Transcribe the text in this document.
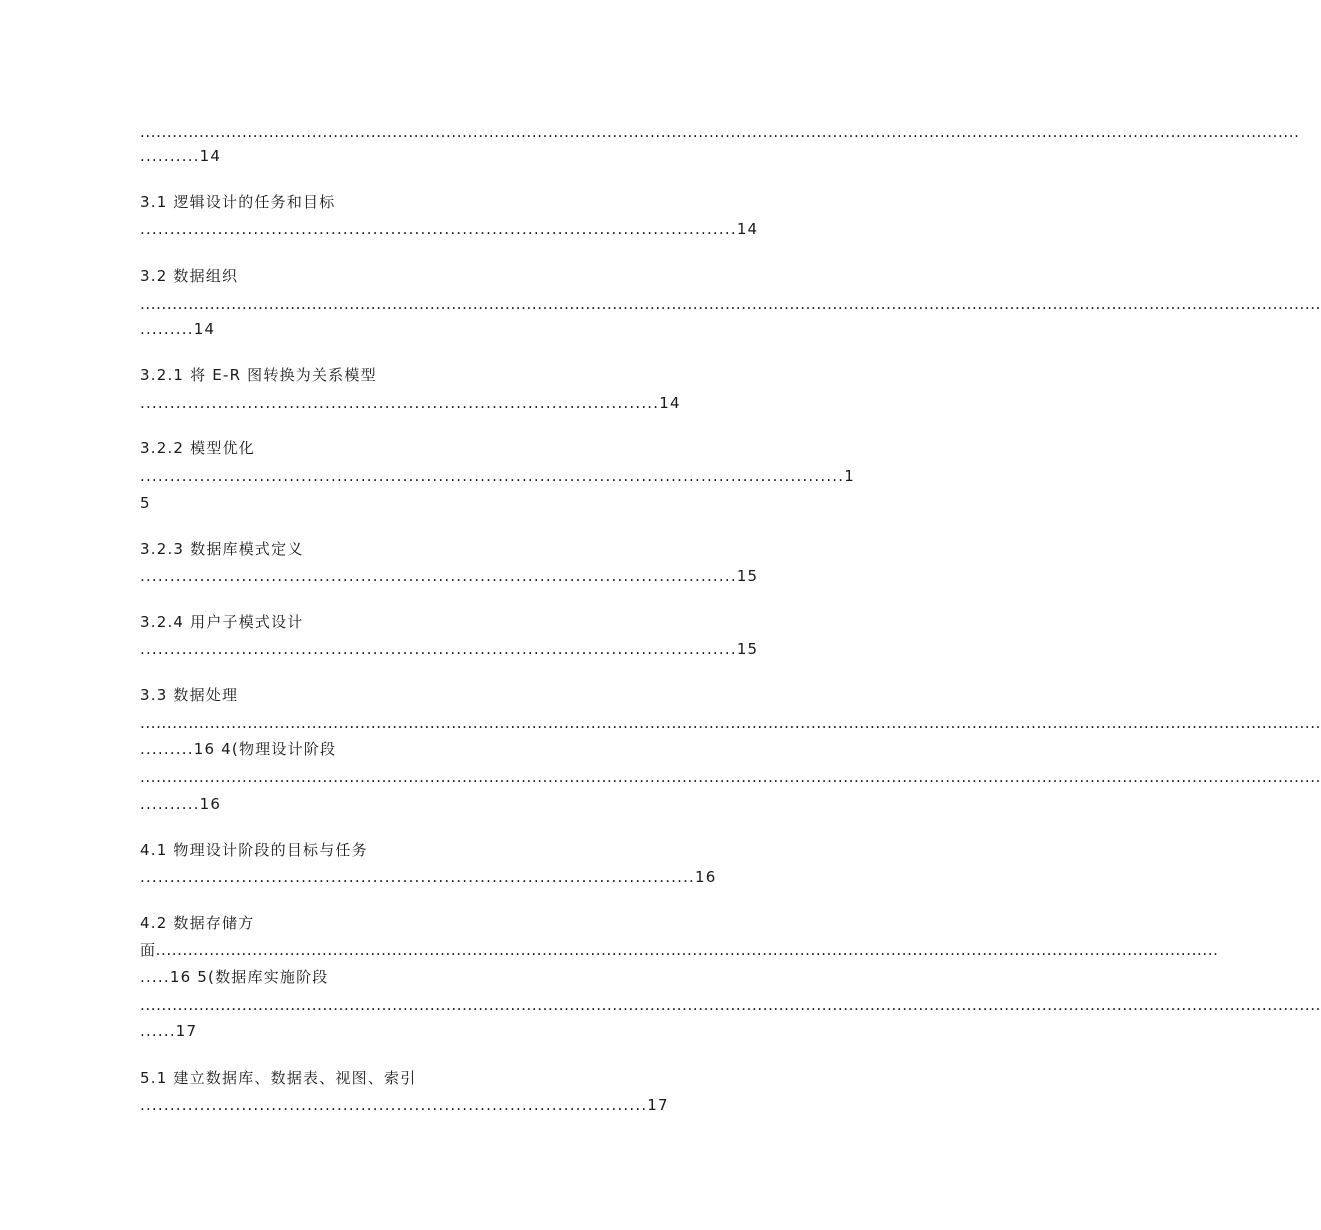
........................................................................................................................................................................................................................
..........14
3.1 逻辑设计的任务和目标
....................................................................................................14
3.2 数据组织
............................................................................................................................................................................................................................
.........14
3.2.1 将 E-R 图转换为关系模型
.......................................................................................14
3.2.2 模型优化
......................................................................................................................1
5
3.2.3 数据库模式定义
....................................................................................................15
3.2.4 用户子模式设计
....................................................................................................15
3.3 数据处理
............................................................................................................................................................................................................................
.........16 4(物理设计阶段
............................................................................................................................................................................................................................
..........16
4.1 物理设计阶段的目标与任务
.............................................................................................16
4.2 数据存储方
面......................................................................................................................................................................................................
.....16 5(数据库实施阶段
............................................................................................................................................................................................................................
......17
5.1 建立数据库、数据表、视图、索引
.....................................................................................17
